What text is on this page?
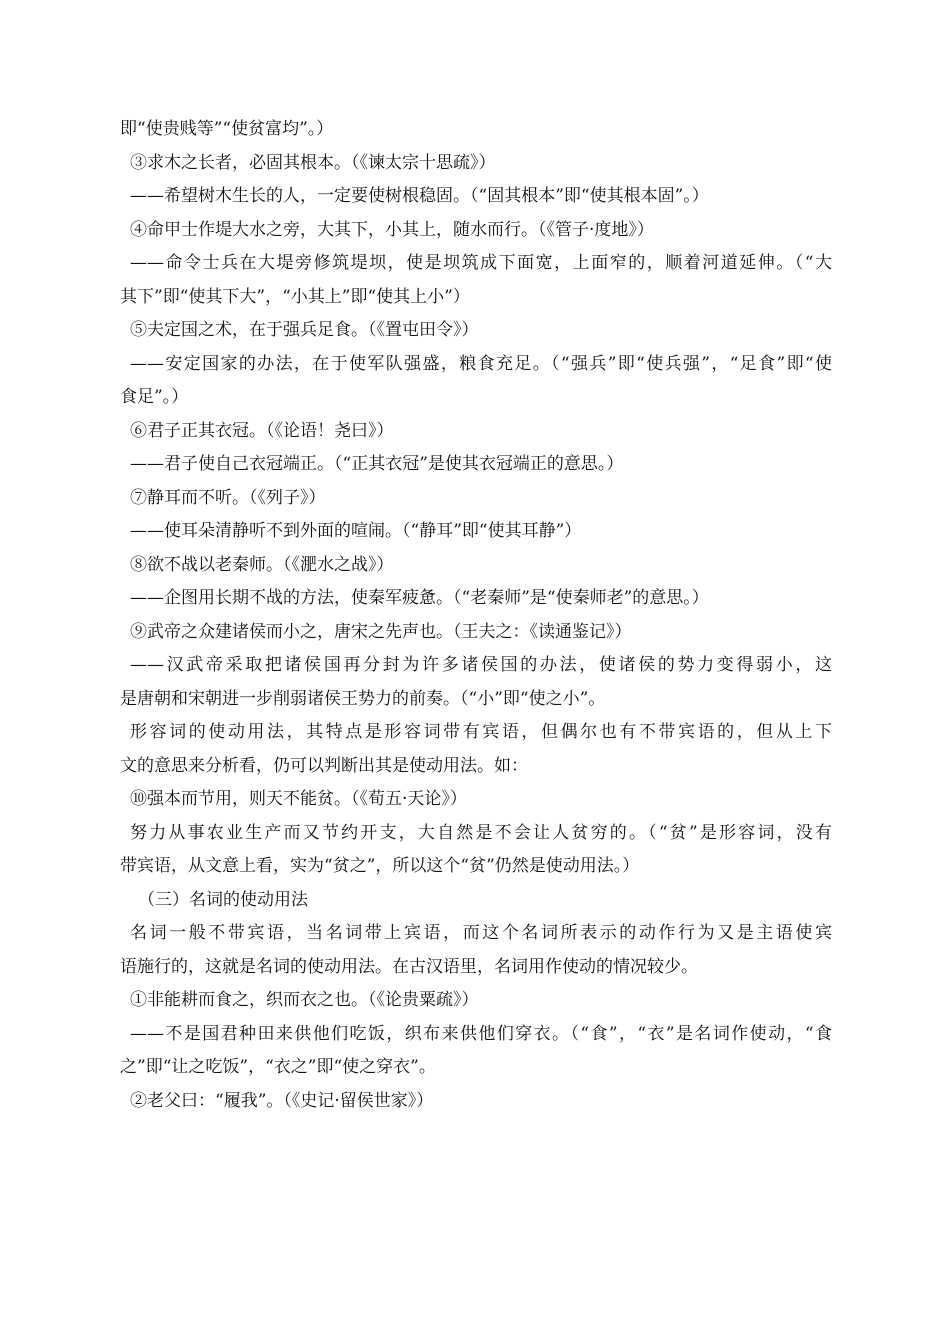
即“使贵贱等”“使贫富均”。）
③求木之长者，必固其根本。（《谏太宗十思疏》）
——希望树木生长的人，一定要使树根稳固。（“固其根本”即“使其根本固”。）
④命甲士作堤大水之旁，大其下，小其上，随水而行。（《管子·度地》）
——命令士兵在大堤旁修筑堤坝，使是坝筑成下面宽，上面窄的，顺着河道延伸。（“大
其下”即“使其下大”，“小其上”即“使其上小”）
⑤夫定国之术，在于强兵足食。（《置屯田令》）
——安定国家的办法，在于使军队强盛，粮食充足。（“强兵”即“使兵强”，“足食”即“使
食足”。）
⑥君子正其衣冠。（《论语！尧曰》）
——君子使自己衣冠端正。（“正其衣冠”是使其衣冠端正的意思。）
⑦静耳而不听。（《列子》）
——使耳朵清静听不到外面的喧闹。（“静耳”即“使其耳静”）
⑧欲不战以老秦师。（《淝水之战》）
——企图用长期不战的方法，使秦军疲惫。（“老秦师”是“使秦师老”的意思。）
⑨武帝之众建诸侯而小之，唐宋之先声也。（王夫之：《读通鉴记》）
——汉武帝采取把诸侯国再分封为许多诸侯国的办法，使诸侯的势力变得弱小，这
是唐朝和宋朝进一步削弱诸侯王势力的前奏。（“小”即“使之小”。
形容词的使动用法，其特点是形容词带有宾语，但偶尔也有不带宾语的，但从上下
文的意思来分析看，仍可以判断出其是使动用法。如：
⑩强本而节用，则天不能贫。（《荀五·天论》）
努力从事农业生产而又节约开支，大自然是不会让人贫穷的。（“贫”是形容词，没有
带宾语，从文意上看，实为“贫之”，所以这个“贫”仍然是使动用法。）
（三）名词的使动用法
名词一般不带宾语，当名词带上宾语，而这个名词所表示的动作行为又是主语使宾
语施行的，这就是名词的使动用法。在古汉语里，名词用作使动的情况较少。
①非能耕而食之，织而衣之也。（《论贵粟疏》）
——不是国君种田来供他们吃饭，织布来供他们穿衣。（“食”，“衣”是名词作使动，“食
之”即“让之吃饭”，“衣之”即“使之穿衣”。
②老父曰：“履我”。（《史记·留侯世家》）
